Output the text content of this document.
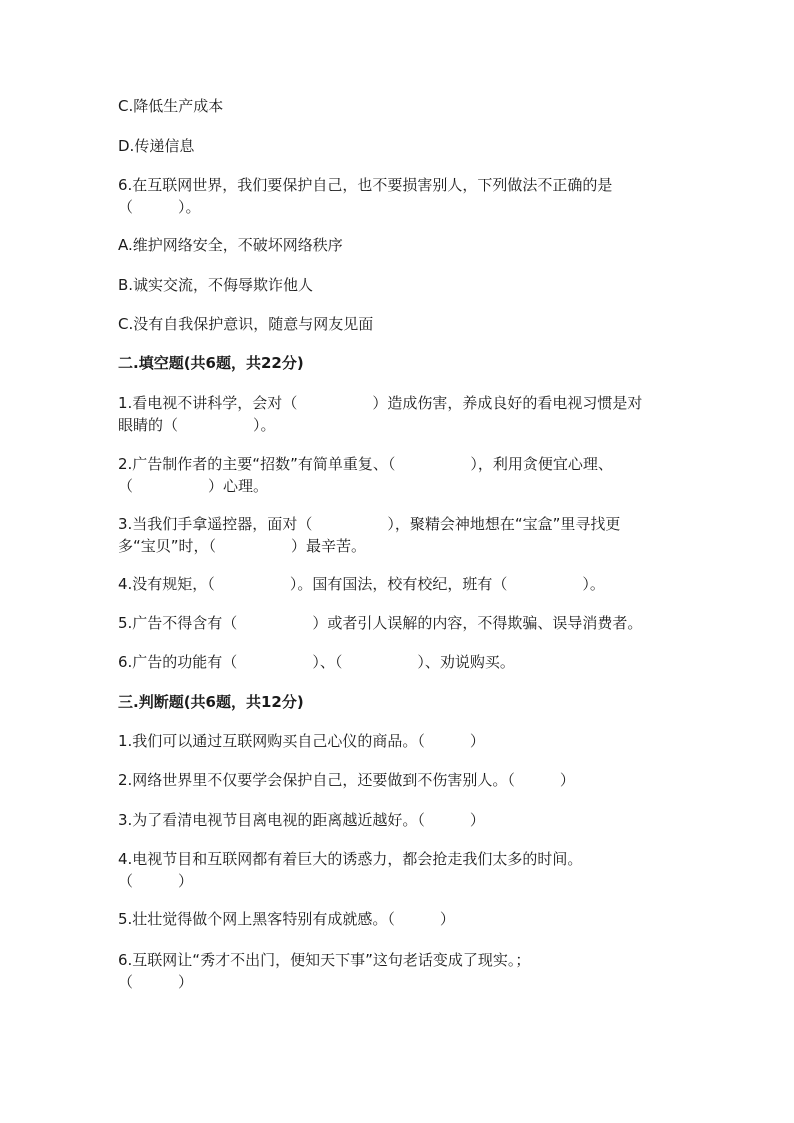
C.降低生产成本

D.传递信息

6.在互联网世界，我们要保护自己，也不要损害别人，下列做法不正确的是

（　　　）。

A.维护网络安全，不破坏网络秩序

B.诚实交流，不侮辱欺诈他人

C.没有自我保护意识，随意与网友见面

二.填空题(共6题，共22分)

1.看电视不讲科学，会对（　　　　　）造成伤害，养成良好的看电视习惯是对

眼睛的（　　　　　）。

2.广告制作者的主要“招数”有简单重复、（　　　　　），利用贪便宜心理、

（　　　　　）心理。

3.当我们手拿遥控器，面对（　　　　　），聚精会神地想在“宝盒”里寻找更

多“宝贝”时，（　　　　　）最辛苦。

4.没有规矩，（　　　　　）。国有国法，校有校纪，班有（　　　　　）。

5.广告不得含有（　　　　　）或者引人误解的内容，不得欺骗、误导消费者。

6.广告的功能有（　　　　　）、（　　　　　）、劝说购买。

三.判断题(共6题，共12分)

1.我们可以通过互联网购买自己心仪的商品。（　　　）

2.网络世界里不仅要学会保护自己，还要做到不伤害别人。（　　　）

3.为了看清电视节目离电视的距离越近越好。（　　　）

4.电视节目和互联网都有着巨大的诱惑力，都会抢走我们太多的时间。

（　　　）

5.壮壮觉得做个网上黑客特别有成就感。（　　　）

6.互联网让“秀才不出门，便知天下事”这句老话变成了现实。；

（　　　）
